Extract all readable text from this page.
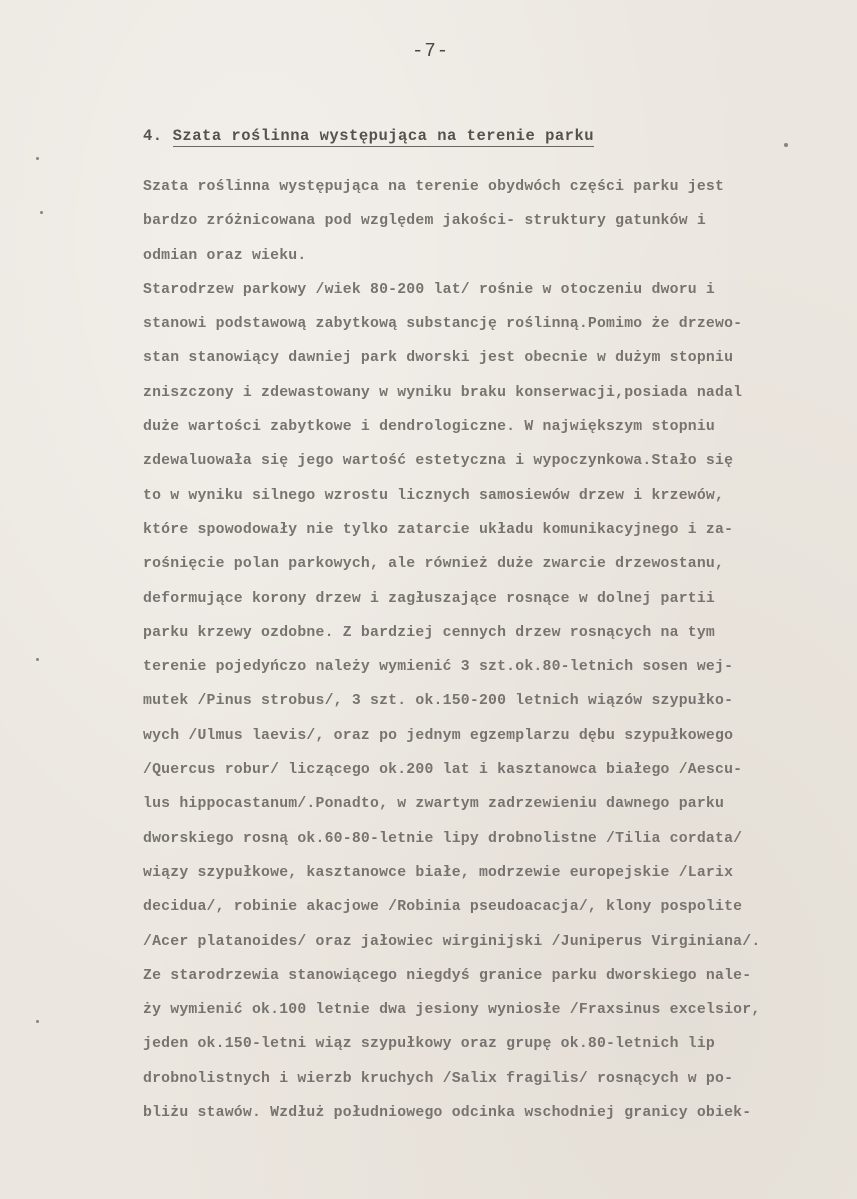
-7-
4. Szata roślinna występująca na terenie parku
Szata roślinna występująca na terenie obydwóch części parku jest
bardzo zróżnicowana pod względem jakości- struktury gatunków i
odmian oraz wieku.
Starodrzew parkowy /wiek 80-200 lat/ rośnie w otoczeniu dworu i
stanowi podstawową zabytkową substancję roślinną.Pomimo że drzewo-
stan stanowiący dawniej park dworski jest obecnie w dużym stopniu
zniszczony i zdewastowany w wyniku braku konserwacji,posiada nadal
duże wartości zabytkowe i dendrologiczne. W największym stopniu
zdewaluowała się jego wartość estetyczna i wypoczynkowa.Stało się
to w wyniku silnego wzrostu licznych samosiewów drzew i krzewów,
które spowodowały nie tylko zatarcie układu komunikacyjnego i za-
rośnięcie polan parkowych, ale również duże zwarcie drzewostanu,
deformujące korony drzew i zagłuszające rosnące w dolnej partii
parku krzewy ozdobne. Z bardziej cennych drzew rosnących na tym
terenie pojedyńczo należy wymienić 3 szt.ok.80-letnich sosen wej-
mutek /Pinus strobus/, 3 szt. ok.150-200 letnich wiązów szypułko-
wych /Ulmus laevis/, oraz po jednym egzemplarzu dębu szypułkowego
/Quercus robur/ liczącego ok.200 lat i kasztanowca białego /Aescu-
lus hippocastanum/.Ponadto, w zwartym zadrzewieniu dawnego parku
dworskiego rosną ok.60-80-letnie lipy drobnolistne /Tilia cordata/
wiązy szypułkowe, kasztanowce białe, modrzewie europejskie /Larix
decidua/, robinie akacjowe /Robinia pseudoacacja/, klony pospolite
/Acer platanoides/ oraz jałowiec wirginijski /Juniperus Virginiana/.
Ze starodrzewia stanowiącego niegdyś granice parku dworskiego nale-
ży wymienić ok.100 letnie dwa jesiony wyniosłe /Fraxsinus excelsior,
jeden ok.150-letni wiąz szypułkowy oraz grupę ok.80-letnich lip
drobnolistnych i wierzb kruchych /Salix fragilis/ rosnących w po-
bliżu stawów. Wzdłuż południowego odcinka wschodniej granicy obiek-
